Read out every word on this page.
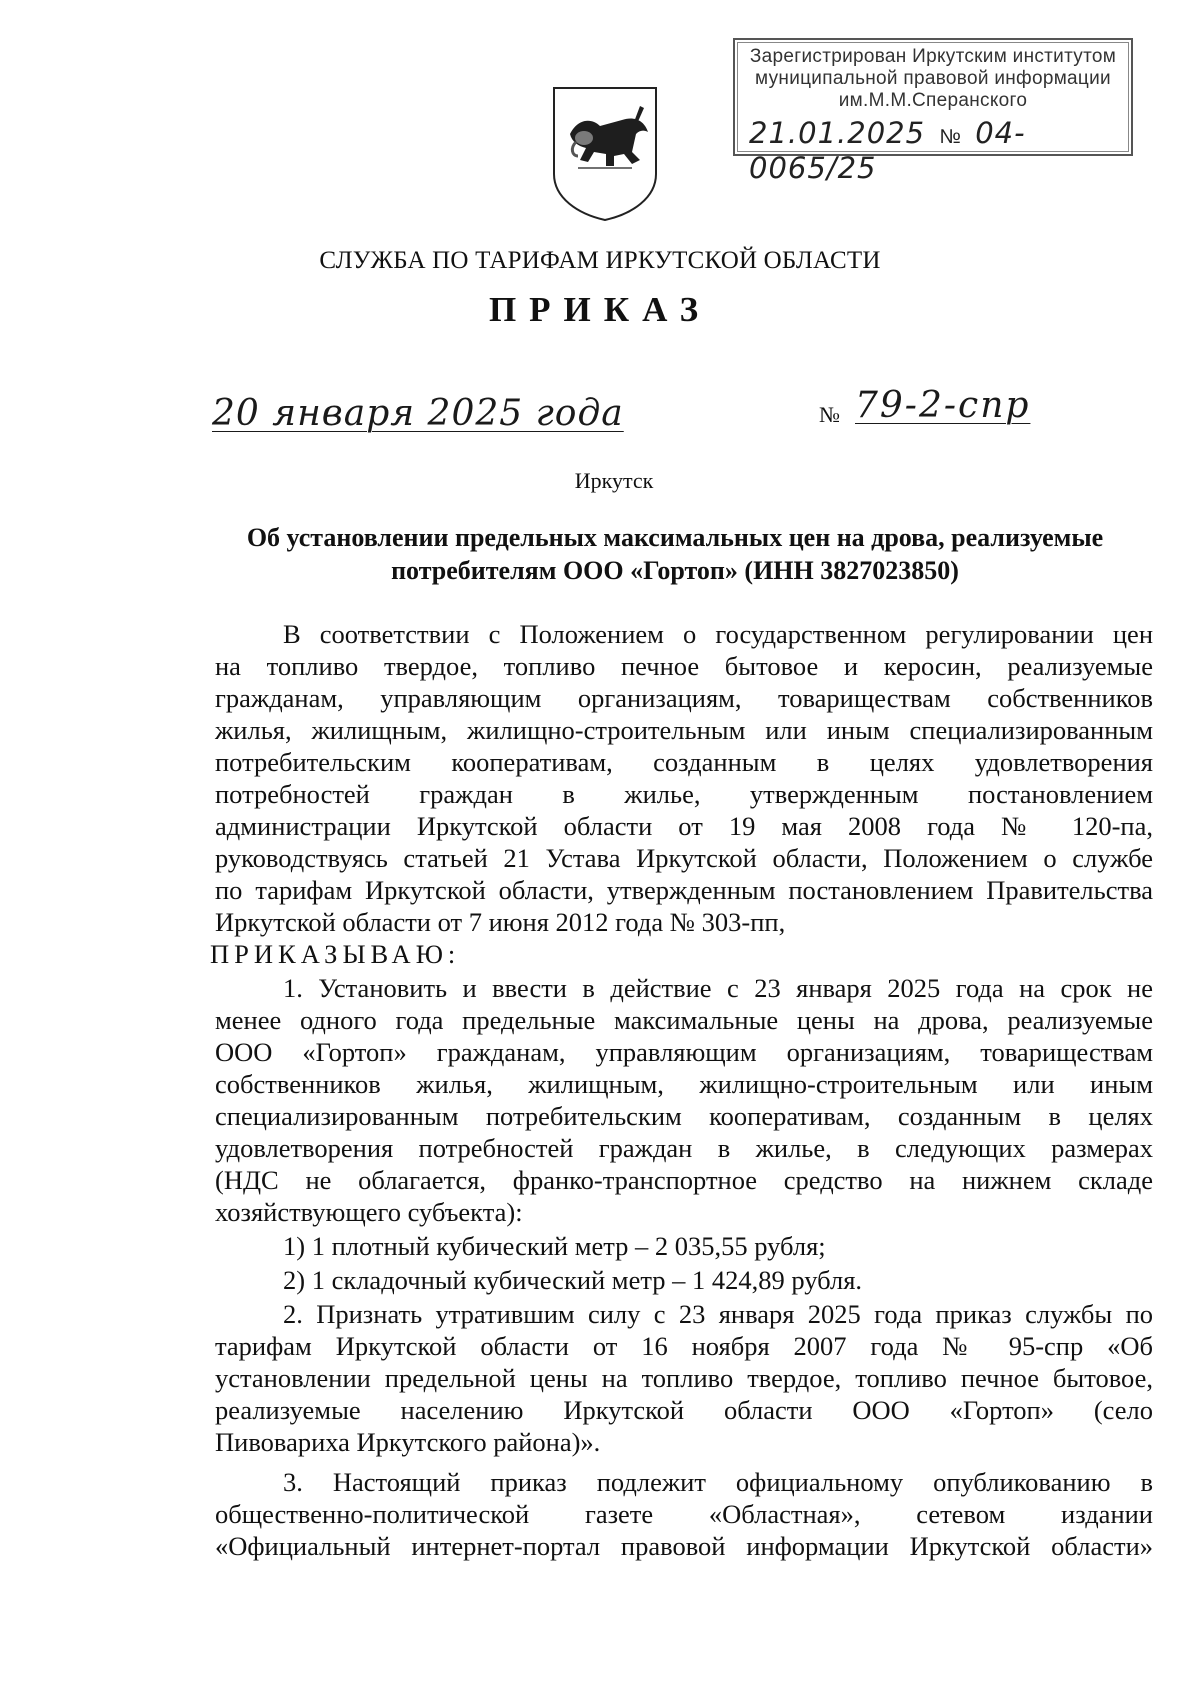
Зарегистрирован Иркутским институтом
муниципальной правовой информации
им.М.М.Сперанского
21.01.2025 № 04-0065/25
СЛУЖБА ПО ТАРИФАМ ИРКУТСКОЙ ОБЛАСТИ
ПРИКАЗ
20 января 2025 года	№ 79-2-спр
Иркутск
Об установлении предельных максимальных цен на дрова, реализуемые
потребителям ООО «Гортоп» (ИНН 3827023850)
В соответствии с Положением о государственном регулировании цен
на топливо твердое, топливо печное бытовое и керосин, реализуемые
гражданам, управляющим организациям, товариществам собственников
жилья, жилищным, жилищно-строительным или иным специализированным
потребительским кооперативам, созданным в целях удовлетворения
потребностей граждан в жилье, утвержденным постановлением
администрации Иркутской области от 19 мая 2008 года № 120-па,
руководствуясь статьей 21 Устава Иркутской области, Положением о службе
по тарифам Иркутской области, утвержденным постановлением Правительства
Иркутской области от 7 июня 2012 года № 303-пп,
ПРИКАЗЫВАЮ:
1. Установить и ввести в действие с 23 января 2025 года на срок не
менее одного года предельные максимальные цены на дрова, реализуемые
ООО «Гортоп» гражданам, управляющим организациям, товариществам
собственников жилья, жилищным, жилищно-строительным или иным
специализированным потребительским кооперативам, созданным в целях
удовлетворения потребностей граждан в жилье, в следующих размерах
(НДС не облагается, франко-транспортное средство на нижнем складе
хозяйствующего субъекта):
1) 1 плотный кубический метр – 2 035,55 рубля;
2) 1 складочный кубический метр – 1 424,89 рубля.
2. Признать утратившим силу с 23 января 2025 года приказ службы по
тарифам Иркутской области от 16 ноября 2007 года № 95-спр «Об
установлении предельной цены на топливо твердое, топливо печное бытовое,
реализуемые населению Иркутской области ООО «Гортоп» (село
Пивовариха Иркутского района)».
3. Настоящий приказ подлежит официальному опубликованию в
общественно-политической газете «Областная», сетевом издании
«Официальный интернет-портал правовой информации Иркутской области»
